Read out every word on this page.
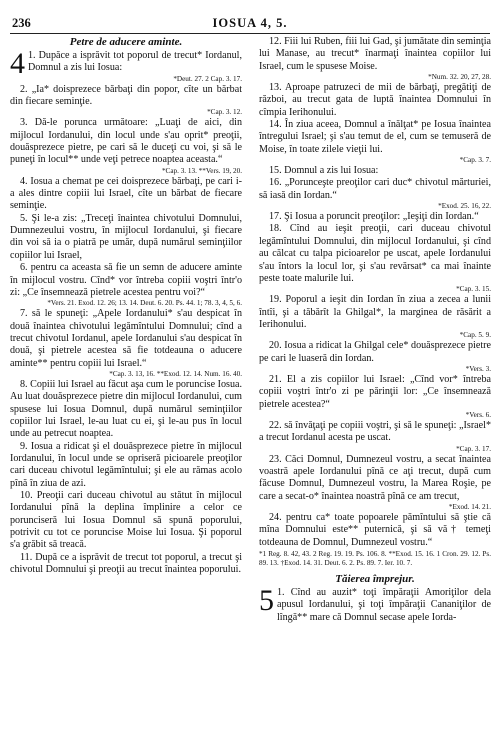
236	IOSUA 4, 5.
Petre de aducere aminte.

4 1. Dupăce a isprăvit tot poporul de trecut* Iordanul, Domnul a zis lui Iosua:
*Deut. 27. 2 Cap. 3. 17.

2. „Ia* doisprezece bărbaţi din popor, cîte un bărbat din fiecare seminţie.
*Cap. 3. 12.

3. Dă-le porunca următoare: „Luaţi de aici, din mijlocul Iordanului, din locul unde s'au oprit* preoţii, douăsprezece pietre, pe cari să le duceţi cu voi, şi să le puneţi în locul** unde veţi petrece noaptea aceasta.“
*Cap. 3. 13. **Vers. 19, 20.

4. Iosua a chemat pe cei doisprezece bărbaţi, pe cari i-a ales dintre copiii lui Israel, cîte un bărbat de fiecare seminţie.

5. Şi le-a zis: „Treceţi înaintea chivotului Domnului, Dumnezeului vostru, în mijlocul Iordanului, şi fiecare din voi să ia o piatră pe umăr, după numărul seminţiilor copiilor lui Israel,

6. pentru ca aceasta să fie un semn de aducere aminte în mijlocul vostru. Cînd* vor întreba copiii voştri într'o zi: „Ce însemnează pietrele acestea pentru voi?“
*Vers. 21. Exod. 12. 26; 13. 14. Deut. 6. 20. Ps. 44. 1; 78. 3, 4, 5, 6.

7. să le spuneţi: „Apele Iordanului* s'au despicat în două înaintea chivotului legămîntului Domnului; cînd a trecut chivotul Iordanul, apele Iordanului s'au despicat în două, şi pietrele acestea să fie totdeauna o aducere aminte** pentru copiii lui Israel.“
*Cap. 3. 13, 16. **Exod. 12. 14. Num. 16. 40.

8. Copiii lui Israel au făcut aşa cum le poruncise Iosua. Au luat douăsprezece pietre din mijlocul Iordanului, cum spusese lui Iosua Domnul, după numărul seminţiilor copiilor lui Israel, le-au luat cu ei, şi le-au pus în locul unde au petrecut noaptea.

9. Iosua a ridicat şi el douăsprezece pietre în mijlocul Iordanului, în locul unde se opriseră picioarele preoţilor cari duceau chivotul legămîntului; şi ele au rămas acolo pînă în ziua de azi.

10. Preoţii cari duceau chivotul au stătut în mijlocul Iordanului pînă la deplina împlinire a celor ce porunciseră lui Iosua Domnul să spună poporului, potrivit cu tot ce poruncise Moise lui Iosua. Şi poporul s'a grăbit să treacă.

11. După ce a isprăvit de trecut tot poporul, a trecut şi chivotul Domnului şi preoţii au trecut înaintea poporului.

12. Fiii lui Ruben, fiii lui Gad, şi jumătate din seminţia lui Manase, au trecut* înarmaţi înaintea copiilor lui Israel, cum le spusese Moise.
*Num. 32. 20, 27, 28.

13. Aproape patruzeci de mii de bărbaţi, pregătiţi de război, au trecut gata de luptă înaintea Domnului în cîmpia Ierihonului.

14. În ziua aceea, Domnul a înălţat* pe Iosua înaintea întregului Israel; şi s'au temut de el, cum se temuseră de Moise, în toate zilele vieţii lui.
*Cap. 3. 7.

15. Domnul a zis lui Iosua:

16. „Porunceşte preoţilor cari duc* chivotul mărturiei, să iasă din Iordan.“
*Exod. 25. 16, 22.

17. Şi Iosua a poruncit preoţilor: „Ieşiţi din Iordan.“

18. Cînd au ieşit preoţii, cari duceau chivotul legămîntului Domnului, din mijlocul Iordanului, şi cînd au călcat cu talpa picioarelor pe uscat, apele Iordanului s'au întors la locul lor, şi s'au revărsat* ca mai înainte peste toate malurile lui.
*Cap. 3. 15.

19. Poporul a ieşit din Iordan în ziua a zecea a lunii întîi, şi a tăbărît la Ghilgal*, la marginea de răsărit a Ierihonului.
*Cap. 5. 9.

20. Iosua a ridicat la Ghilgal cele* douăsprezece pietre pe cari le luaseră din Iordan.
*Vers. 3.

21. El a zis copiilor lui Israel: „Cînd vor* întreba copiii voştri într'o zi pe părinţii lor: „Ce însemnează pietrele acestea?“
*Vers. 6.

22. să învăţaţi pe copiii voştri, şi să le spuneţi: „Israel* a trecut Iordanul acesta pe uscat.
*Cap. 3. 17.

23. Căci Domnul, Dumnezeul vostru, a secat înaintea voastră apele Iordanului pînă ce aţi trecut, după cum făcuse Domnul, Dumnezeul vostru, la Marea Roşie, pe care a secat-o* înaintea noastră pînă ce am trecut,
*Exod. 14. 21.

24. pentru ca* toate popoarele pămîntului să ştie că mîna Domnului este** puternică, şi să vă† temeţi totdeauna de Domnul, Dumnezeul vostru.“

*1 Reg. 8. 42, 43. 2 Reg. 19. 19. Ps. 106. 8. **Exod. 15. 16. 1 Cron. 29. 12. Ps. 89. 13. †Exod. 14. 31. Deut. 6. 2. Ps. 89. 7. Ier. 10. 7.
Tăierea împrejur.

5 1. Cînd au auzit* toţi împăraţii Amoriţilor dela apusul Iordanului, şi toţi împăraţii Cananiţilor de lîngă** mare că Domnul secase apele Iorda-
